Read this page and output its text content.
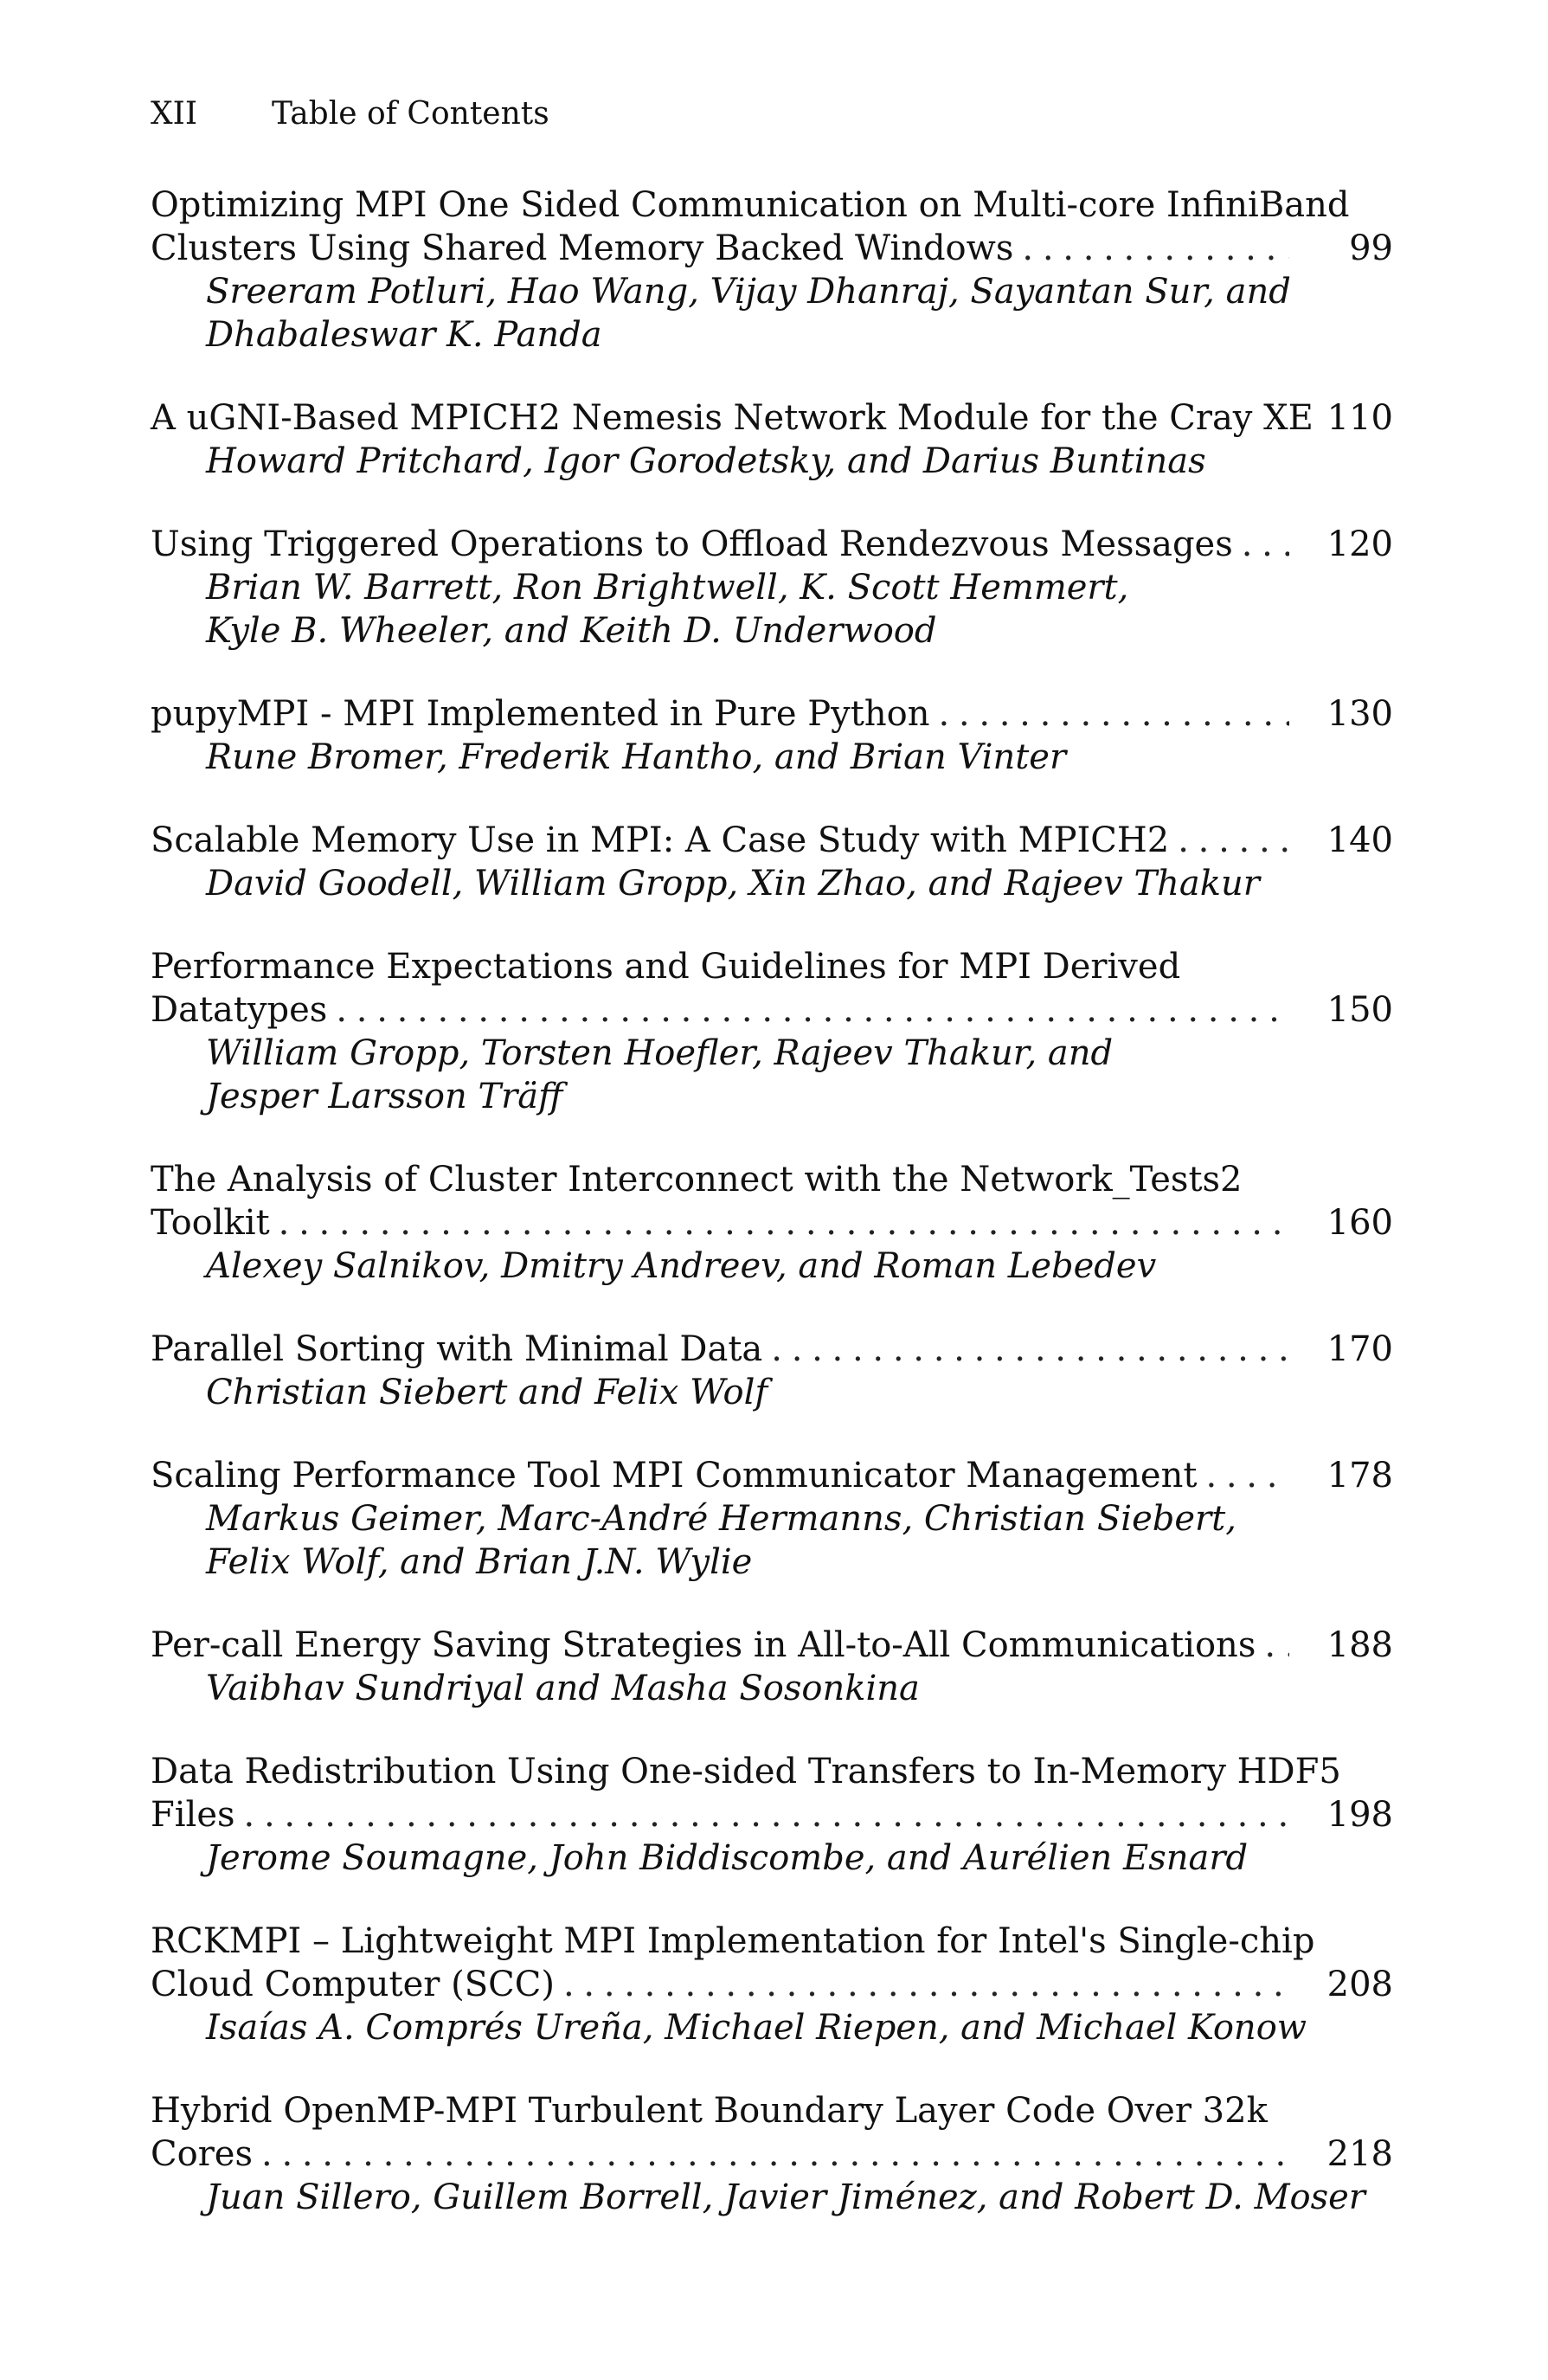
XII Table of Contents
Optimizing MPI One Sided Communication on Multi-core InfiniBand
Clusters Using Shared Memory Backed Windows . . .	99
Sreeram Potluri, Hao Wang, Vijay Dhanraj, Sayantan Sur, and
Dhabaleswar K. Panda
A uGNI-Based MPICH2 Nemesis Network Module for the Cray XE 110
Howard Pritchard, Igor Gorodetsky, and Darius Buntinas
Using Triggered Operations to Offload Rendezvous Messages . . .	120
Brian W. Barrett, Ron Brightwell, K. Scott Hemmert,
Kyle B. Wheeler, and Keith D. Underwood
pupyMPI - MPI Implemented in Pure Python . . .	130
Rune Bromer, Frederik Hantho, and Brian Vinter
Scalable Memory Use in MPI: A Case Study with MPICH2 . . .	140
David Goodell, William Gropp, Xin Zhao, and Rajeev Thakur
Performance Expectations and Guidelines for MPI Derived
Datatypes . . .	150
William Gropp, Torsten Hoefler, Rajeev Thakur, and
Jesper Larsson Träff
The Analysis of Cluster Interconnect with the Network_Tests2
Toolkit . . .	160
Alexey Salnikov, Dmitry Andreev, and Roman Lebedev
Parallel Sorting with Minimal Data . . .	170
Christian Siebert and Felix Wolf
Scaling Performance Tool MPI Communicator Management . . .	178
Markus Geimer, Marc-André Hermanns, Christian Siebert,
Felix Wolf, and Brian J.N. Wylie
Per-call Energy Saving Strategies in All-to-All Communications . . .	188
Vaibhav Sundriyal and Masha Sosonkina
Data Redistribution Using One-sided Transfers to In-Memory HDF5
Files . . .	198
Jerome Soumagne, John Biddiscombe, and Aurélien Esnard
RCKMPI – Lightweight MPI Implementation for Intel's Single-chip
Cloud Computer (SCC) . . .	208
Isaías A. Comprés Ureña, Michael Riepen, and Michael Konow
Hybrid OpenMP-MPI Turbulent Boundary Layer Code Over 32k
Cores . . .	218
Juan Sillero, Guillem Borrell, Javier Jiménez, and Robert D. Moser
